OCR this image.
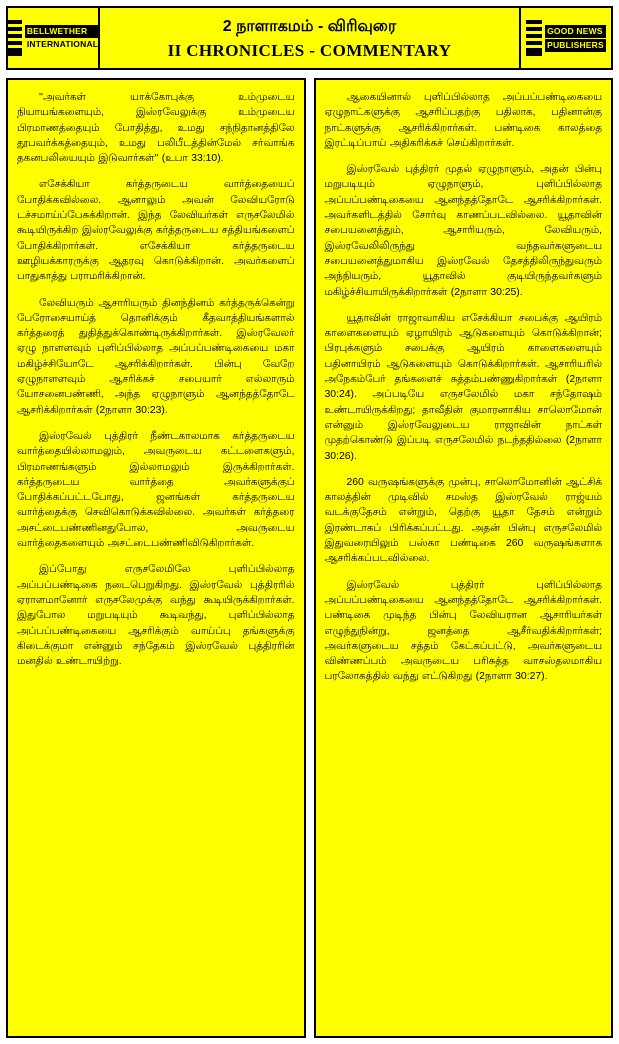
BELLWETHER
INTERNATIONAL
2 நாளாகமம் - விரிவுரை
II CHRONICLES - COMMENTARY
GOOD NEWS
PUBLISHERS

''அவர்கள் யாக்கோபுக்கு உம்முடைய நியாயங்களையும், இஸ்ரவேலுக்கு உம்முடைய பிரமாணத்தையும் போதித்து, உமது சந்நிதானத்திலே தூபவர்க்கத்தையும், உமது பலிபீடத்தின்மேல் சர்வாங்க தகனபலியையும் இடுவார்கள்'' (உபா 33:10).

எசேக்கியா கர்த்தருடைய வார்த்தையைப் போதிக்கவில்லை. ஆனாலும் அவன் லேவியரோடு டச்சமாய்ப்பேசுக்கிறான். இந்த லேவியர்கள் எருசலேமில் கூடியிருக்கிற இஸ்ரவேலுக்கு கர்த்தருடைய சத்தியங்களைப் போதிக்கிறார்கள். எசேக்கியா கர்த்தருடைய ஊழியக்காரருக்கு ஆதரவு கொடுக்கிறான். அவர்களைப் பாதுகாத்து பராமரிக்கிறான்.

லேவியரும் ஆசாரியரும் தினந்தினம் கர்த்தருக்கென்று பேரோசையாய்த் தொனிக்கும் கீதவாத்தியங்களால் கர்த்தரைத் துதித்துக்கொண்டிருக்கிறார்கள். இஸ்ரவேலர் ஏழு நாளளவும் புளிப்பில்லாத அப்பப்பண்டிகையை மகா மகிழ்ச்சியோடே ஆசரிக்கிறார்கள். பின்பு வேறே ஏழுநாளளவும் ஆசரிக்கச் சபையார் எல்லாரும் யோசனைபண்ணி, அந்த ஏழுநாளும் ஆனந்தத்தோடே ஆசரிக்கிறார்கள் (2நாளா 30:23).

இஸ்ரவேல் புத்திரர் நீண்டகாலமாக கர்த்தருடைய வார்த்தையில்லாமலும், அவருடைய கட்டளைகளும், பிரமாணங்களும் இல்லாமலும் இருக்கிறார்கள். கர்த்தருடைய வார்த்தை அவர்களுக்குப் போதிக்கப்பட்டபோது, ஜனங்கள் கர்த்தருடைய வார்த்தைக்கு செவிகொடுக்கவில்லை. அவர்கள் கர்த்தரை அசட்டைபண்ணினதுபோல, அவருடைய வார்த்தைகளையும் அசட்டைபண்ணிவிடுகிறார்கள்.

இப்போது எருசலேமிலே புளிப்பில்லாத அப்பப்பண்டிகை நடைபெறுகிறது. இஸ்ரவேல் புத்திரரில் ஏராளமானோர் எருசலேமுக்கு வந்து கூடியிருக்கிறார்கள். இதுபோல மறுபடியும் கூடிவந்து, புளிப்பில்லாத அப்பப்பண்டிகையை ஆசரிக்கும் வாய்ப்பு தங்களுக்கு கிடைக்குமா என்னும் சந்தேகம் இஸ்ரவேல் புத்திரரின் மனதில் உண்டாயிற்று.

ஆகையினால் புளிப்பில்லாத அப்பப்பண்டிகையை ஏழுநாட்களுக்கு ஆசரிப்பதற்கு பதிலாக, பதினான்கு நாட்களுக்கு ஆசரிக்கிறார்கள். பண்டிகை காலத்தை இரட்டிப்பாய் அதிகரிக்கச் செய்கிறார்கள்.

இஸ்ரவேல் புத்திரர் முதல் ஏழுநாளும், அதன் பின்பு மறுபடியும் ஏழுநாளும், புளிப்பில்லாத அப்பப்பண்டிகையை ஆனந்தத்தோடே ஆசரிக்கிறார்கள். அவர்களிடத்தில் சோர்வு காணப்படவில்லை. யூதாவின் சபையனைத்தும், ஆசாரியரும், லேவியரும், இஸ்ரவேலிலிருந்து வந்தவர்களுடைய சபையனைத்துமாகிய இஸ்ரவேல் தேசத்திலிருந்துவரும் அந்நியரும், யூதாவில் குடியிருந்தவர்களும் மகிழ்ச்சியாயிருக்கிறார்கள் (2நாளா 30:25).

யூதாவின் ராஜாவாகிய எசேக்கியா சபைக்கு ஆயிரம் காளைகளையும் ஏழாயிரம் ஆடுகளையும் கொடுக்கிறான்; பிரபுக்களும் சபைக்கு ஆயிரம் காளைகளையும் பதினாயிரம் ஆடுகளையும் கொடுக்கிறார்கள். ஆசாரியரில் அநேகம்பேர் தங்களைச் சுத்தம்பண்ணுகிறார்கள் (2நாளா 30:24). அப்படியே எருசலேமில் மகா சந்தோஷம் உண்டாயிருக்கிறது; தாவீதின் குமாரனாகிய சாலொமோன் என்னும் இஸ்ரவேலுடைய ராஜாவின் நாட்கள் முதற்கொண்டு இப்படி எருசலேமில் நடந்ததில்லை (2நாளா 30:26).

260 வருஷங்களுக்கு முன்பு, சாலொமோனின் ஆட்சிக் காலத்தின் முடிவில் சமஸ்த இஸ்ரவேல் ராஜ்யம் வடக்குதேசம் என்றும், தெற்கு யூதா தேசம் என்றும் இரண்டாகப் பிரிக்கப்பட்டது. அதன் பின்பு எருசலேமில் இதுவரையிலும் பஸ்கா பண்டிகை 260 வருஷங்களாக ஆசரிக்கப்படவில்லை.

இஸ்ரவேல் புத்திரர் புளிப்பில்லாத அப்பப்பண்டிகையை ஆனந்தத்தோடே ஆசரிக்கிறார்கள். பண்டிகை முடிந்த பின்பு லேவியரான ஆசாரியர்கள் எழுந்துநின்று, ஜனத்தை ஆசீர்வதிக்கிறார்கள்; அவர்களுடைய சத்தம் கேட்கப்பட்டு, அவர்களுடைய விண்ணப்பம் அவருடைய பரிசுத்த வாசஸ்தலமாகிய பரலோகத்தில் வந்து எட்டுகிறது (2நாளா 30:27).
